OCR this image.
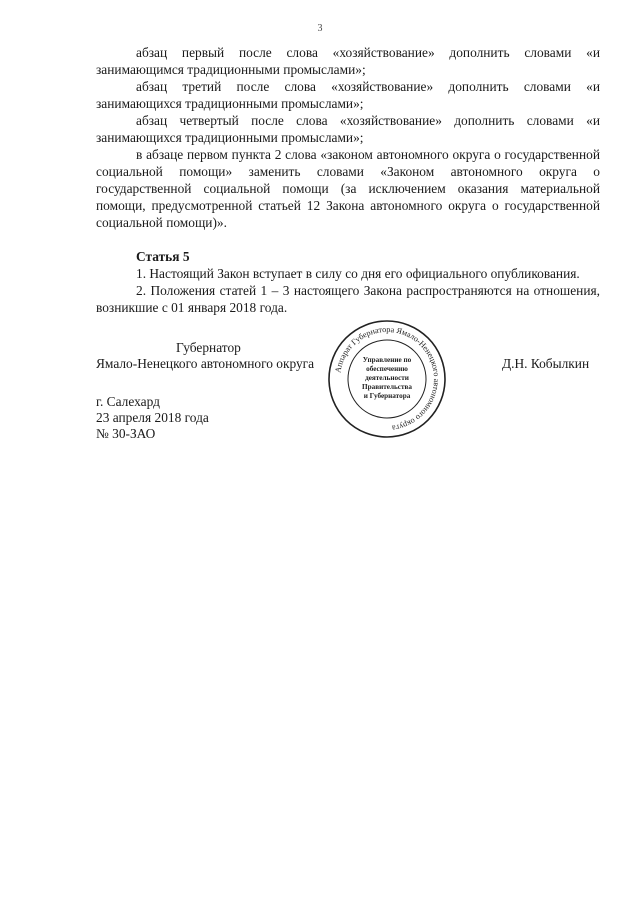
3

абзац первый после слова «хозяйствование» дополнить словами «и занимающимся традиционными промыслами»;

абзац третий после слова «хозяйствование» дополнить словами «и занимающихся традиционными промыслами»;

абзац четвертый после слова «хозяйствование» дополнить словами «и занимающихся традиционными промыслами»;

в абзаце первом пункта 2 слова «законом автономного округа о государственной социальной помощи» заменить словами «Законом автономного округа о государственной социальной помощи (за исключением оказания материальной помощи, предусмотренной статьей 12 Закона автономного округа о государственной социальной помощи)».

Статья 5

1. Настоящий Закон вступает в силу со дня его официального опубликования.

2. Положения статей 1 – 3 настоящего Закона распространяются на отношения, возникшие с 01 января 2018 года.

Губернатор
Ямало-Ненецкого автономного округа	Д.Н. Кобылкин
Аппарат Губернатора Ямало-Ненецкого автономного округа
Управление по
обеспечению
деятельности
Правительства
и Губернатора
г. Салехард
23 апреля 2018 года
№ 30-ЗАО
